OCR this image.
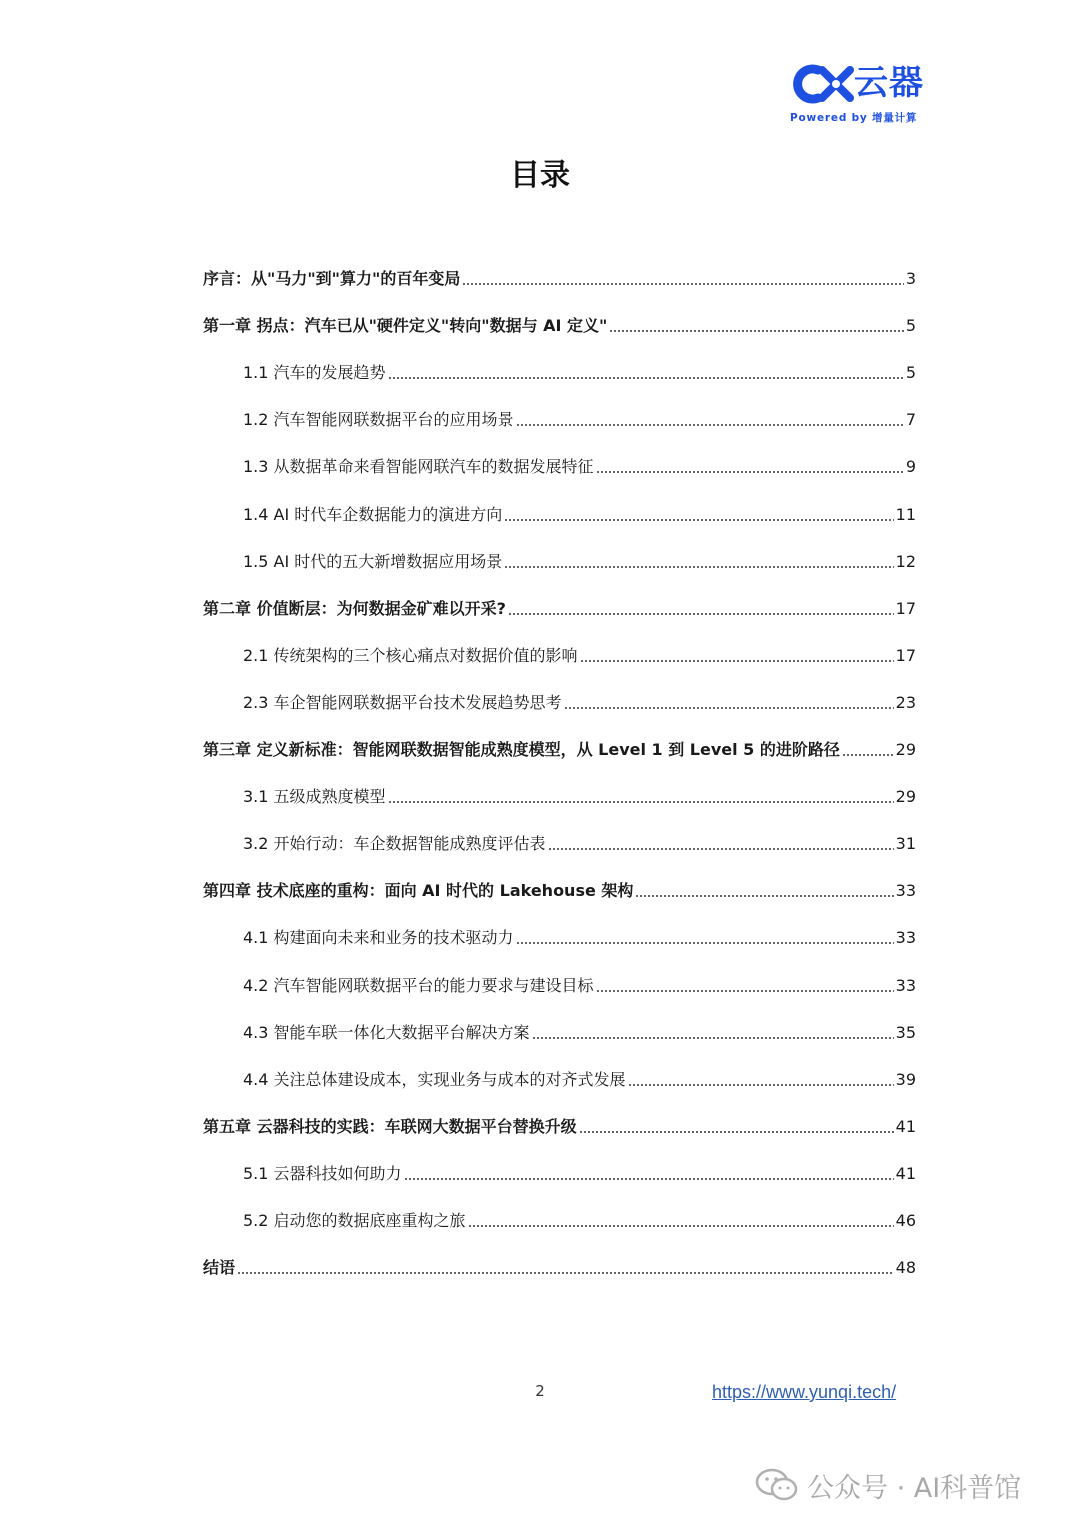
云器
Powered by 增量计算
目录
序言：从"马力"到"算力"的百年变局	3
第一章 拐点：汽车已从"硬件定义"转向"数据与 AI 定义"	5
1.1 汽车的发展趋势	5
1.2 汽车智能网联数据平台的应用场景	7
1.3 从数据革命来看智能网联汽车的数据发展特征	9
1.4 AI 时代车企数据能力的演进方向	11
1.5 AI 时代的五大新增数据应用场景	12
第二章 价值断层：为何数据金矿难以开采?	17
2.1 传统架构的三个核心痛点对数据价值的影响	17
2.3 车企智能网联数据平台技术发展趋势思考	23
第三章 定义新标准：智能网联数据智能成熟度模型，从 Level 1 到 Level 5 的进阶路径	29
3.1 五级成熟度模型	29
3.2 开始行动：车企数据智能成熟度评估表	31
第四章 技术底座的重构：面向 AI 时代的 Lakehouse 架构	33
4.1 构建面向未来和业务的技术驱动力	33
4.2 汽车智能网联数据平台的能力要求与建设目标	33
4.3 智能车联一体化大数据平台解决方案	35
4.4 关注总体建设成本，实现业务与成本的对齐式发展	39
第五章 云器科技的实践：车联网大数据平台替换升级	41
5.1 云器科技如何助力	41
5.2 启动您的数据底座重构之旅	46
结语	48
2	https://www.yunqi.tech/
公众号 · AI科普馆
